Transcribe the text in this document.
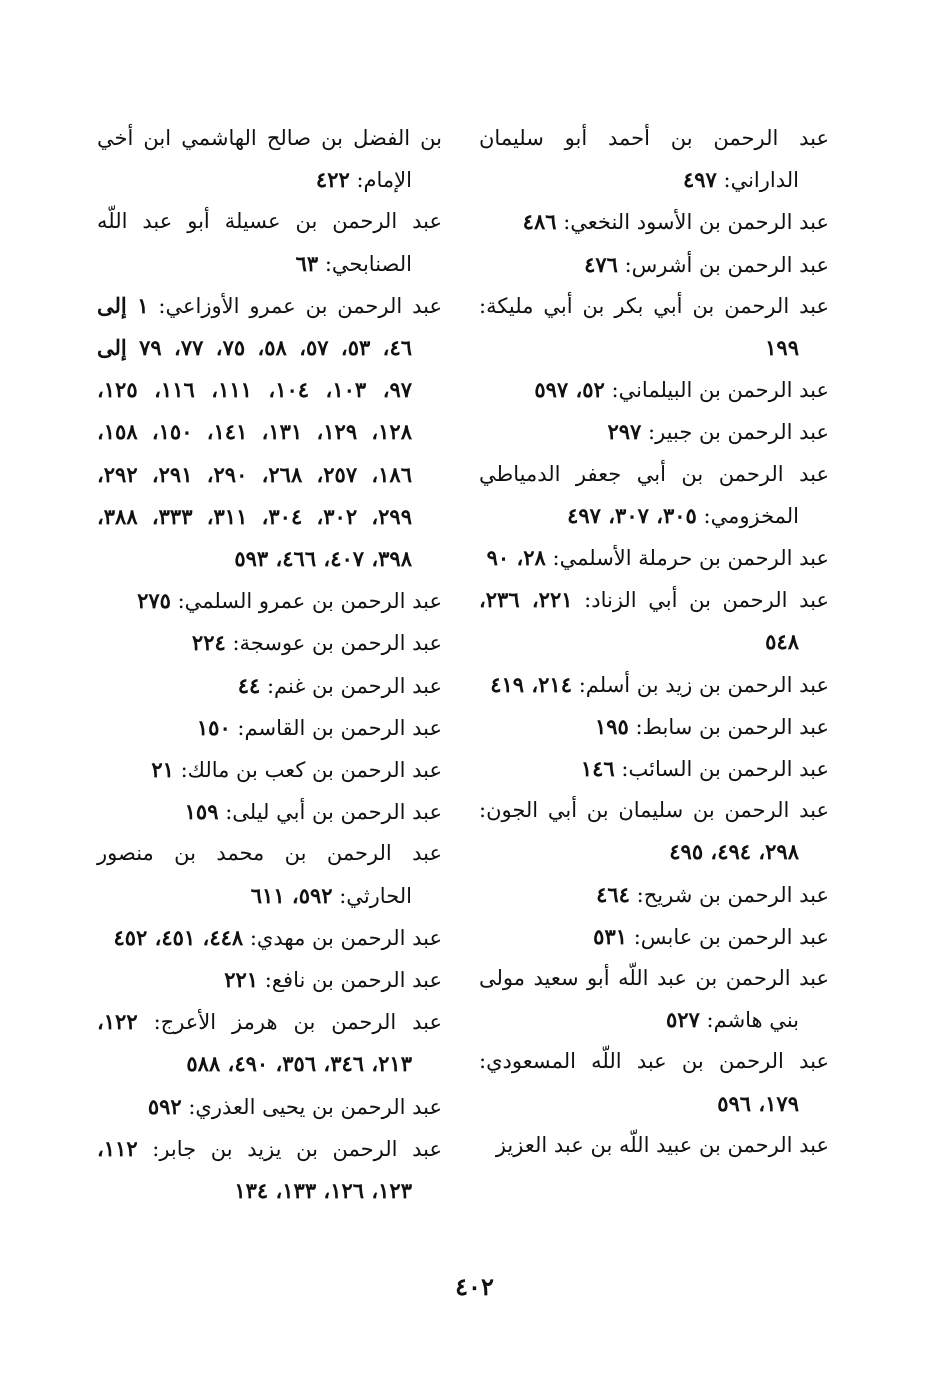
عبد الرحمن بن أحمد أبو سليمان الداراني: ٤٩٧

عبد الرحمن بن الأسود النخعي: ٤٨٦

عبد الرحمن بن أشرس: ٤٧٦

عبد الرحمن بن أبي بكر بن أبي مليكة: ١٩٩

عبد الرحمن بن البيلماني: ٥٢، ٥٩٧

عبد الرحمن بن جبير: ٢٩٧

عبد الرحمن بن أبي جعفر الدمياطي المخزومي: ٣٠٥، ٣٠٧، ٤٩٧

عبد الرحمن بن حرملة الأسلمي: ٢٨، ٩٠

عبد الرحمن بن أبي الزناد: ٢٢١، ٢٣٦، ٥٤٨

عبد الرحمن بن زيد بن أسلم: ٢١٤، ٤١٩

عبد الرحمن بن سابط: ١٩٥

عبد الرحمن بن السائب: ١٤٦

عبد الرحمن بن سليمان بن أبي الجون: ٢٩٨، ٤٩٤، ٤٩٥

عبد الرحمن بن شريح: ٤٦٤

عبد الرحمن بن عابس: ٥٣١

عبد الرحمن بن عبد اللّه أبو سعيد مولى بني هاشم: ٥٢٧

عبد الرحمن بن عبد اللّه المسعودي: ١٧٩، ٥٩٦

عبد الرحمن بن عبيد اللّه بن عبد العزيز

بن الفضل بن صالح الهاشمي ابن أخي الإمام: ٤٢٢

عبد الرحمن بن عسيلة أبو عبد اللّه الصنابحي: ٦٣

عبد الرحمن بن عمرو الأوزاعي: ١ إلى ٤٦، ٥٣، ٥٧، ٥٨، ٧٥، ٧٧، ٧٩ إلى ٩٧، ١٠٣، ١٠٤، ١١١، ١١٦، ١٢٥، ١٢٨، ١٢٩، ١٣١، ١٤١، ١٥٠، ١٥٨، ١٨٦، ٢٥٧، ٢٦٨، ٢٩٠، ٢٩١، ٢٩٢، ٢٩٩، ٣٠٢، ٣٠٤، ٣١١، ٣٣٣، ٣٨٨، ٣٩٨، ٤٠٧، ٤٦٦، ٥٩٣

عبد الرحمن بن عمرو السلمي: ٢٧٥

عبد الرحمن بن عوسجة: ٢٢٤

عبد الرحمن بن غنم: ٤٤

عبد الرحمن بن القاسم: ١٥٠

عبد الرحمن بن كعب بن مالك: ٢١

عبد الرحمن بن أبي ليلى: ١٥٩

عبد الرحمن بن محمد بن منصور الحارثي: ٥٩٢، ٦١١

عبد الرحمن بن مهدي: ٤٤٨، ٤٥١، ٤٥٢

عبد الرحمن بن نافع: ٢٢١

عبد الرحمن بن هرمز الأعرج: ١٢٢، ٢١٣، ٣٤٦، ٣٥٦، ٤٩٠، ٥٨٨

عبد الرحمن بن يحيى العذري: ٥٩٢

عبد الرحمن بن يزيد بن جابر: ١١٢، ١٢٣، ١٢٦، ١٣٣، ١٣٤

٤٠٢
